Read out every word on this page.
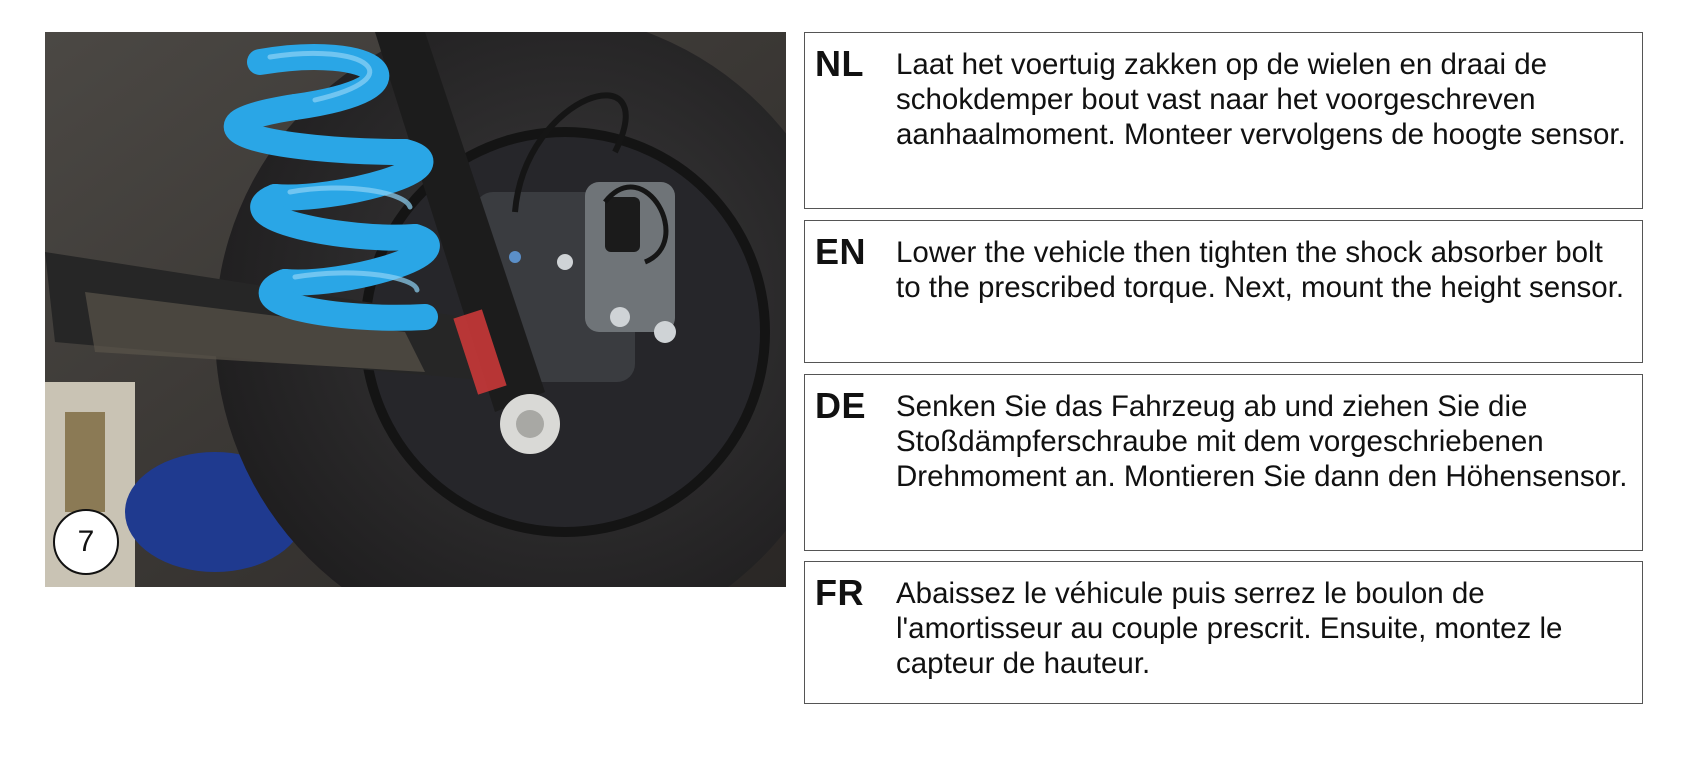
7
NL Laat het voertuig zakken op de wielen en draai de schokdemper bout vast naar het voorgeschreven aanhaalmoment. Monteer vervolgens de hoogte sensor.
EN Lower the vehicle then tighten the shock absorber bolt to the prescribed torque. Next, mount the height sensor.
DE Senken Sie das Fahrzeug ab und ziehen Sie die Stoßdämpferschraube mit dem vorgeschriebenen Drehmoment an. Montieren Sie dann den Höhensensor.
FR Abaissez le véhicule puis serrez le boulon de l'amortisseur au couple prescrit. Ensuite, montez le capteur de hauteur.
